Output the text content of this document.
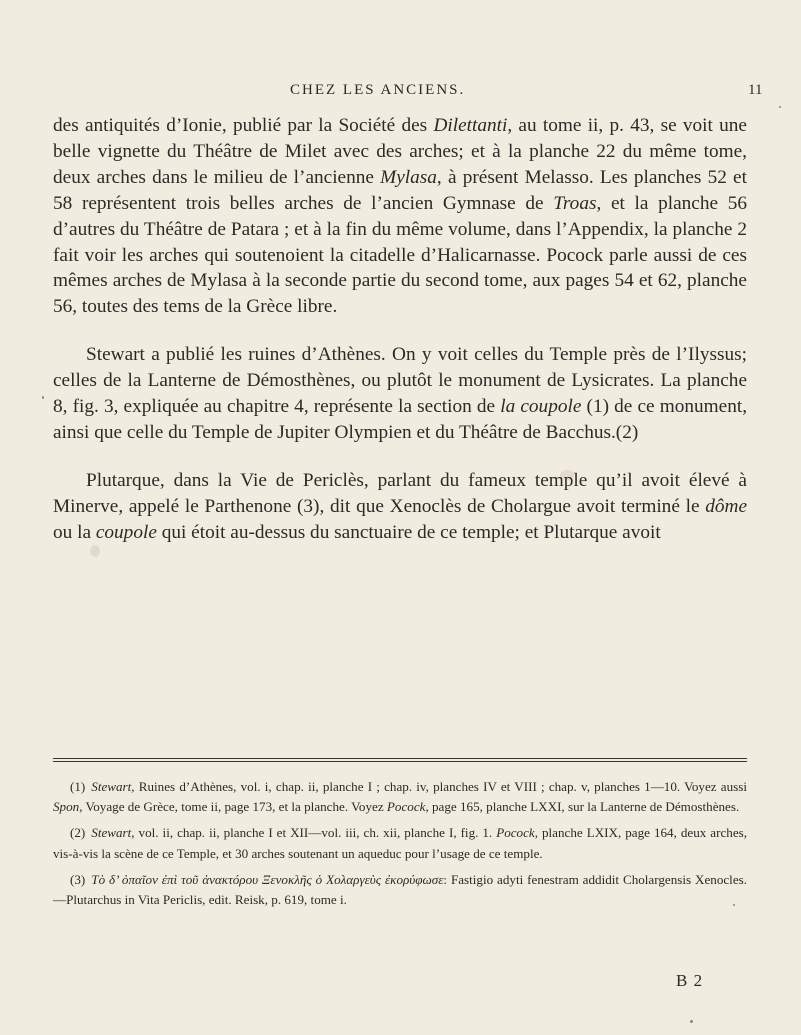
CHEZ LES ANCIENS.	11

des antiquités d’Ionie, publié par la Société des Dilettanti, au tome ii, p. 43, se voit une belle vignette du Théâtre de Milet avec des arches; et à la planche 22 du même tome, deux arches dans le milieu de l’ancienne Mylasa, à présent Melasso. Les planches 52 et 58 représentent trois belles arches de l’ancien Gymnase de Troas, et la planche 56 d’autres du Théâtre de Patara ; et à la fin du même volume, dans l’Appendix, la planche 2 fait voir les arches qui soutenoient la citadelle d’Halicarnasse. Pocock parle aussi de ces mêmes arches de Mylasa à la seconde partie du second tome, aux pages 54 et 62, planche 56, toutes des tems de la Grèce libre.

Stewart a publié les ruines d’Athènes. On y voit celles du Temple près de l’Ilyssus; celles de la Lanterne de Démosthènes, ou plutôt le monument de Lysicrates. La planche 8, fig. 3, expliquée au chapitre 4, représente la section de la coupole (1) de ce monument, ainsi que celle du Temple de Jupiter Olympien et du Théâtre de Bacchus.(2)

Plutarque, dans la Vie de Periclès, parlant du fameux temple qu’il avoit élevé à Minerve, appelé le Parthenone (3), dit que Xenoclès de Cholargue avoit terminé le dôme ou la coupole qui étoit au-dessus du sanctuaire de ce temple; et Plutarque avoit

(1) Stewart, Ruines d’Athènes, vol. i, chap. ii, planche I ; chap. iv, planches IV et VIII ; chap. v, planches 1—10. Voyez aussi Spon, Voyage de Grèce, tome ii, page 173, et la planche. Voyez Pocock, page 165, planche LXXI, sur la Lanterne de Démosthènes.

(2) Stewart, vol. ii, chap. ii, planche I et XII—vol. iii, ch. xii, planche I, fig. 1. Pocock, planche LXIX, page 164, deux arches, vis-à-vis la scène de ce Temple, et 30 arches soutenant un aqueduc pour l’usage de ce temple.

(3) Τὸ δ’ ὀπαῖον ἐπὶ τοῦ ἀνακτόρου Ξενοκλῆς ὁ Χολαργεὺς ἐκορύφωσε: Fastigio adyti fenestram addidit Cholargensis Xenocles.—Plutarchus in Vita Periclis, edit. Reisk, p. 619, tome i.

B 2
